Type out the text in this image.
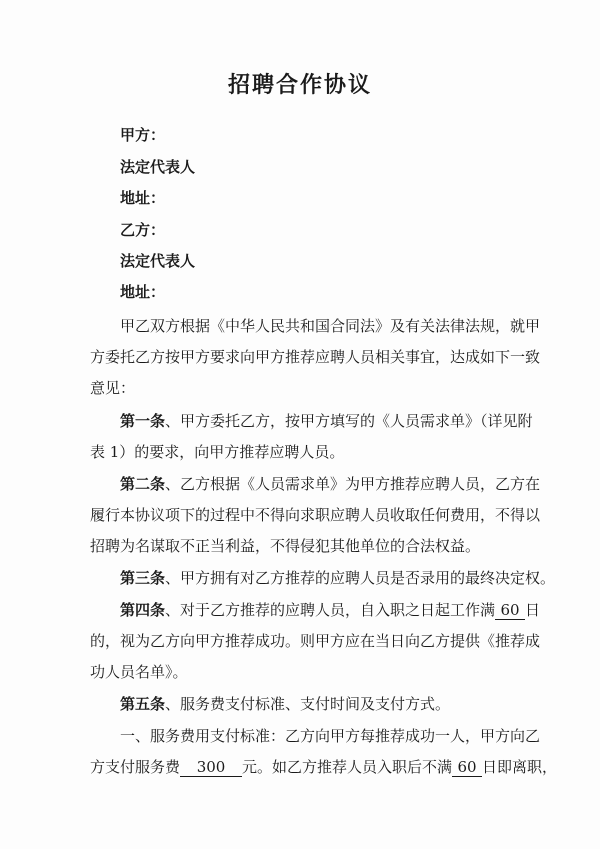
招聘合作协议
甲方：
法定代表人
地址：
乙方：
法定代表人
地址：
甲乙双方根据《中华人民共和国合同法》及有关法律法规，就甲
方委托乙方按甲方要求向甲方推荐应聘人员相关事宜，达成如下一致
意见：
第一条、甲方委托乙方，按甲方填写的《人员需求单》（详见附
表 1）的要求，向甲方推荐应聘人员。
第二条、乙方根据《人员需求单》为甲方推荐应聘人员，乙方在
履行本协议项下的过程中不得向求职应聘人员收取任何费用，不得以
招聘为名谋取不正当利益，不得侵犯其他单位的合法权益。
第三条、甲方拥有对乙方推荐的应聘人员是否录用的最终决定权。
第四条、对于乙方推荐的应聘人员，自入职之日起工作满 60 日
的，视为乙方向甲方推荐成功。则甲方应在当日向乙方提供《推荐成
功人员名单》。
第五条、服务费支付标准、支付时间及支付方式。
一、服务费用支付标准：乙方向甲方每推荐成功一人，甲方向乙
方支付服务费 300 元。如乙方推荐人员入职后不满 60 日即离职，
